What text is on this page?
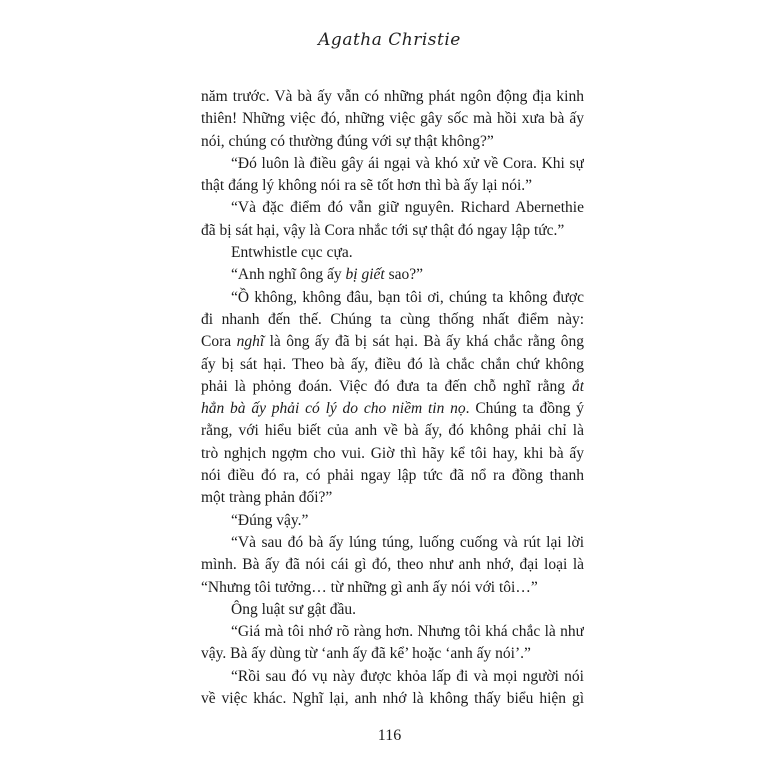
Agatha Christie
năm trước. Và bà ấy vẫn có những phát ngôn động địa kinh
thiên! Những việc đó, những việc gây sốc mà hồi xưa bà ấy
nói, chúng có thường đúng với sự thật không?”
“Đó luôn là điều gây ái ngại và khó xử về Cora. Khi sự
thật đáng lý không nói ra sẽ tốt hơn thì bà ấy lại nói.”
“Và đặc điểm đó vẫn giữ nguyên. Richard Abernethie
đã bị sát hại, vậy là Cora nhắc tới sự thật đó ngay lập tức.”
Entwhistle cục cựa.
“Anh nghĩ ông ấy bị giết sao?”
“Ồ không, không đâu, bạn tôi ơi, chúng ta không được
đi nhanh đến thế. Chúng ta cùng thống nhất điểm này:
Cora nghĩ là ông ấy đã bị sát hại. Bà ấy khá chắc rằng ông
ấy bị sát hại. Theo bà ấy, điều đó là chắc chắn chứ không
phải là phỏng đoán. Việc đó đưa ta đến chỗ nghĩ rằng ắt
hẳn bà ấy phải có lý do cho niềm tin nọ. Chúng ta đồng ý
rằng, với hiểu biết của anh về bà ấy, đó không phải chỉ là
trò nghịch ngợm cho vui. Giờ thì hãy kể tôi hay, khi bà ấy
nói điều đó ra, có phải ngay lập tức đã nổ ra đồng thanh
một tràng phản đối?”
“Đúng vậy.”
“Và sau đó bà ấy lúng túng, luống cuống và rút lại lời
mình. Bà ấy đã nói cái gì đó, theo như anh nhớ, đại loại là
“Nhưng tôi tưởng… từ những gì anh ấy nói với tôi…”
Ông luật sư gật đầu.
“Giá mà tôi nhớ rõ ràng hơn. Nhưng tôi khá chắc là như
vậy. Bà ấy dùng từ ‘anh ấy đã kể’ hoặc ‘anh ấy nói’.”
“Rồi sau đó vụ này được khỏa lấp đi và mọi người nói
về việc khác. Nghĩ lại, anh nhớ là không thấy biểu hiện gì
116
